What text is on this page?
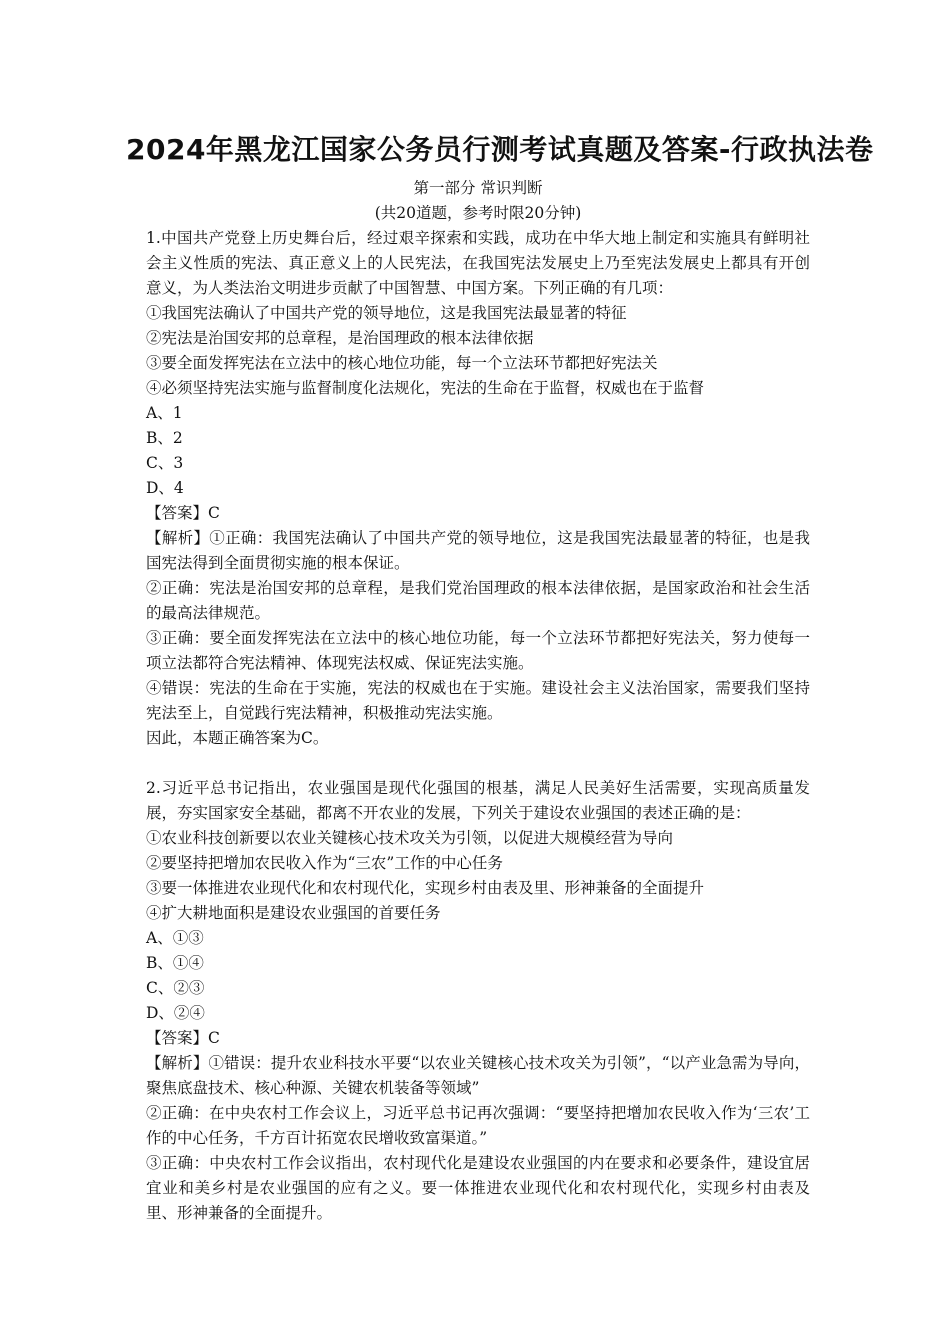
2024年黑龙江国家公务员行测考试真题及答案-行政执法卷
第一部分 常识判断
(共20道题，参考时限20分钟)

1.中国共产党登上历史舞台后，经过艰辛探索和实践，成功在中华大地上制定和实施具有鲜明社会主义性质的宪法、真正意义上的人民宪法，在我国宪法发展史上乃至宪法发展史上都具有开创意义，为人类法治文明进步贡献了中国智慧、中国方案。下列正确的有几项：

①我国宪法确认了中国共产党的领导地位，这是我国宪法最显著的特征

②宪法是治国安邦的总章程，是治国理政的根本法律依据

③要全面发挥宪法在立法中的核心地位功能，每一个立法环节都把好宪法关

④必须坚持宪法实施与监督制度化法规化，宪法的生命在于监督，权威也在于监督

A、1

B、2

C、3

D、4

【答案】C

【解析】①正确：我国宪法确认了中国共产党的领导地位，这是我国宪法最显著的特征，也是我国宪法得到全面贯彻实施的根本保证。

②正确：宪法是治国安邦的总章程，是我们党治国理政的根本法律依据，是国家政治和社会生活的最高法律规范。

③正确：要全面发挥宪法在立法中的核心地位功能，每一个立法环节都把好宪法关，努力使每一项立法都符合宪法精神、体现宪法权威、保证宪法实施。

④错误：宪法的生命在于实施，宪法的权威也在于实施。建设社会主义法治国家，需要我们坚持宪法至上，自觉践行宪法精神，积极推动宪法实施。

因此，本题正确答案为C。

2.习近平总书记指出，农业强国是现代化强国的根基，满足人民美好生活需要，实现高质量发展，夯实国家安全基础，都离不开农业的发展，下列关于建设农业强国的表述正确的是：

①农业科技创新要以农业关键核心技术攻关为引领，以促进大规模经营为导向

②要坚持把增加农民收入作为“三农”工作的中心任务

③要一体推进农业现代化和农村现代化，实现乡村由表及里、形神兼备的全面提升

④扩大耕地面积是建设农业强国的首要任务

A、①③

B、①④

C、②③

D、②④

【答案】C

【解析】①错误：提升农业科技水平要“以农业关键核心技术攻关为引领”，“以产业急需为导向，聚焦底盘技术、核心种源、关键农机装备等领域”

②正确：在中央农村工作会议上，习近平总书记再次强调：“要坚持把增加农民收入作为‘三农’工作的中心任务，千方百计拓宽农民增收致富渠道。”

③正确：中央农村工作会议指出，农村现代化是建设农业强国的内在要求和必要条件，建设宜居宜业和美乡村是农业强国的应有之义。要一体推进农业现代化和农村现代化，实现乡村由表及里、形神兼备的全面提升。
